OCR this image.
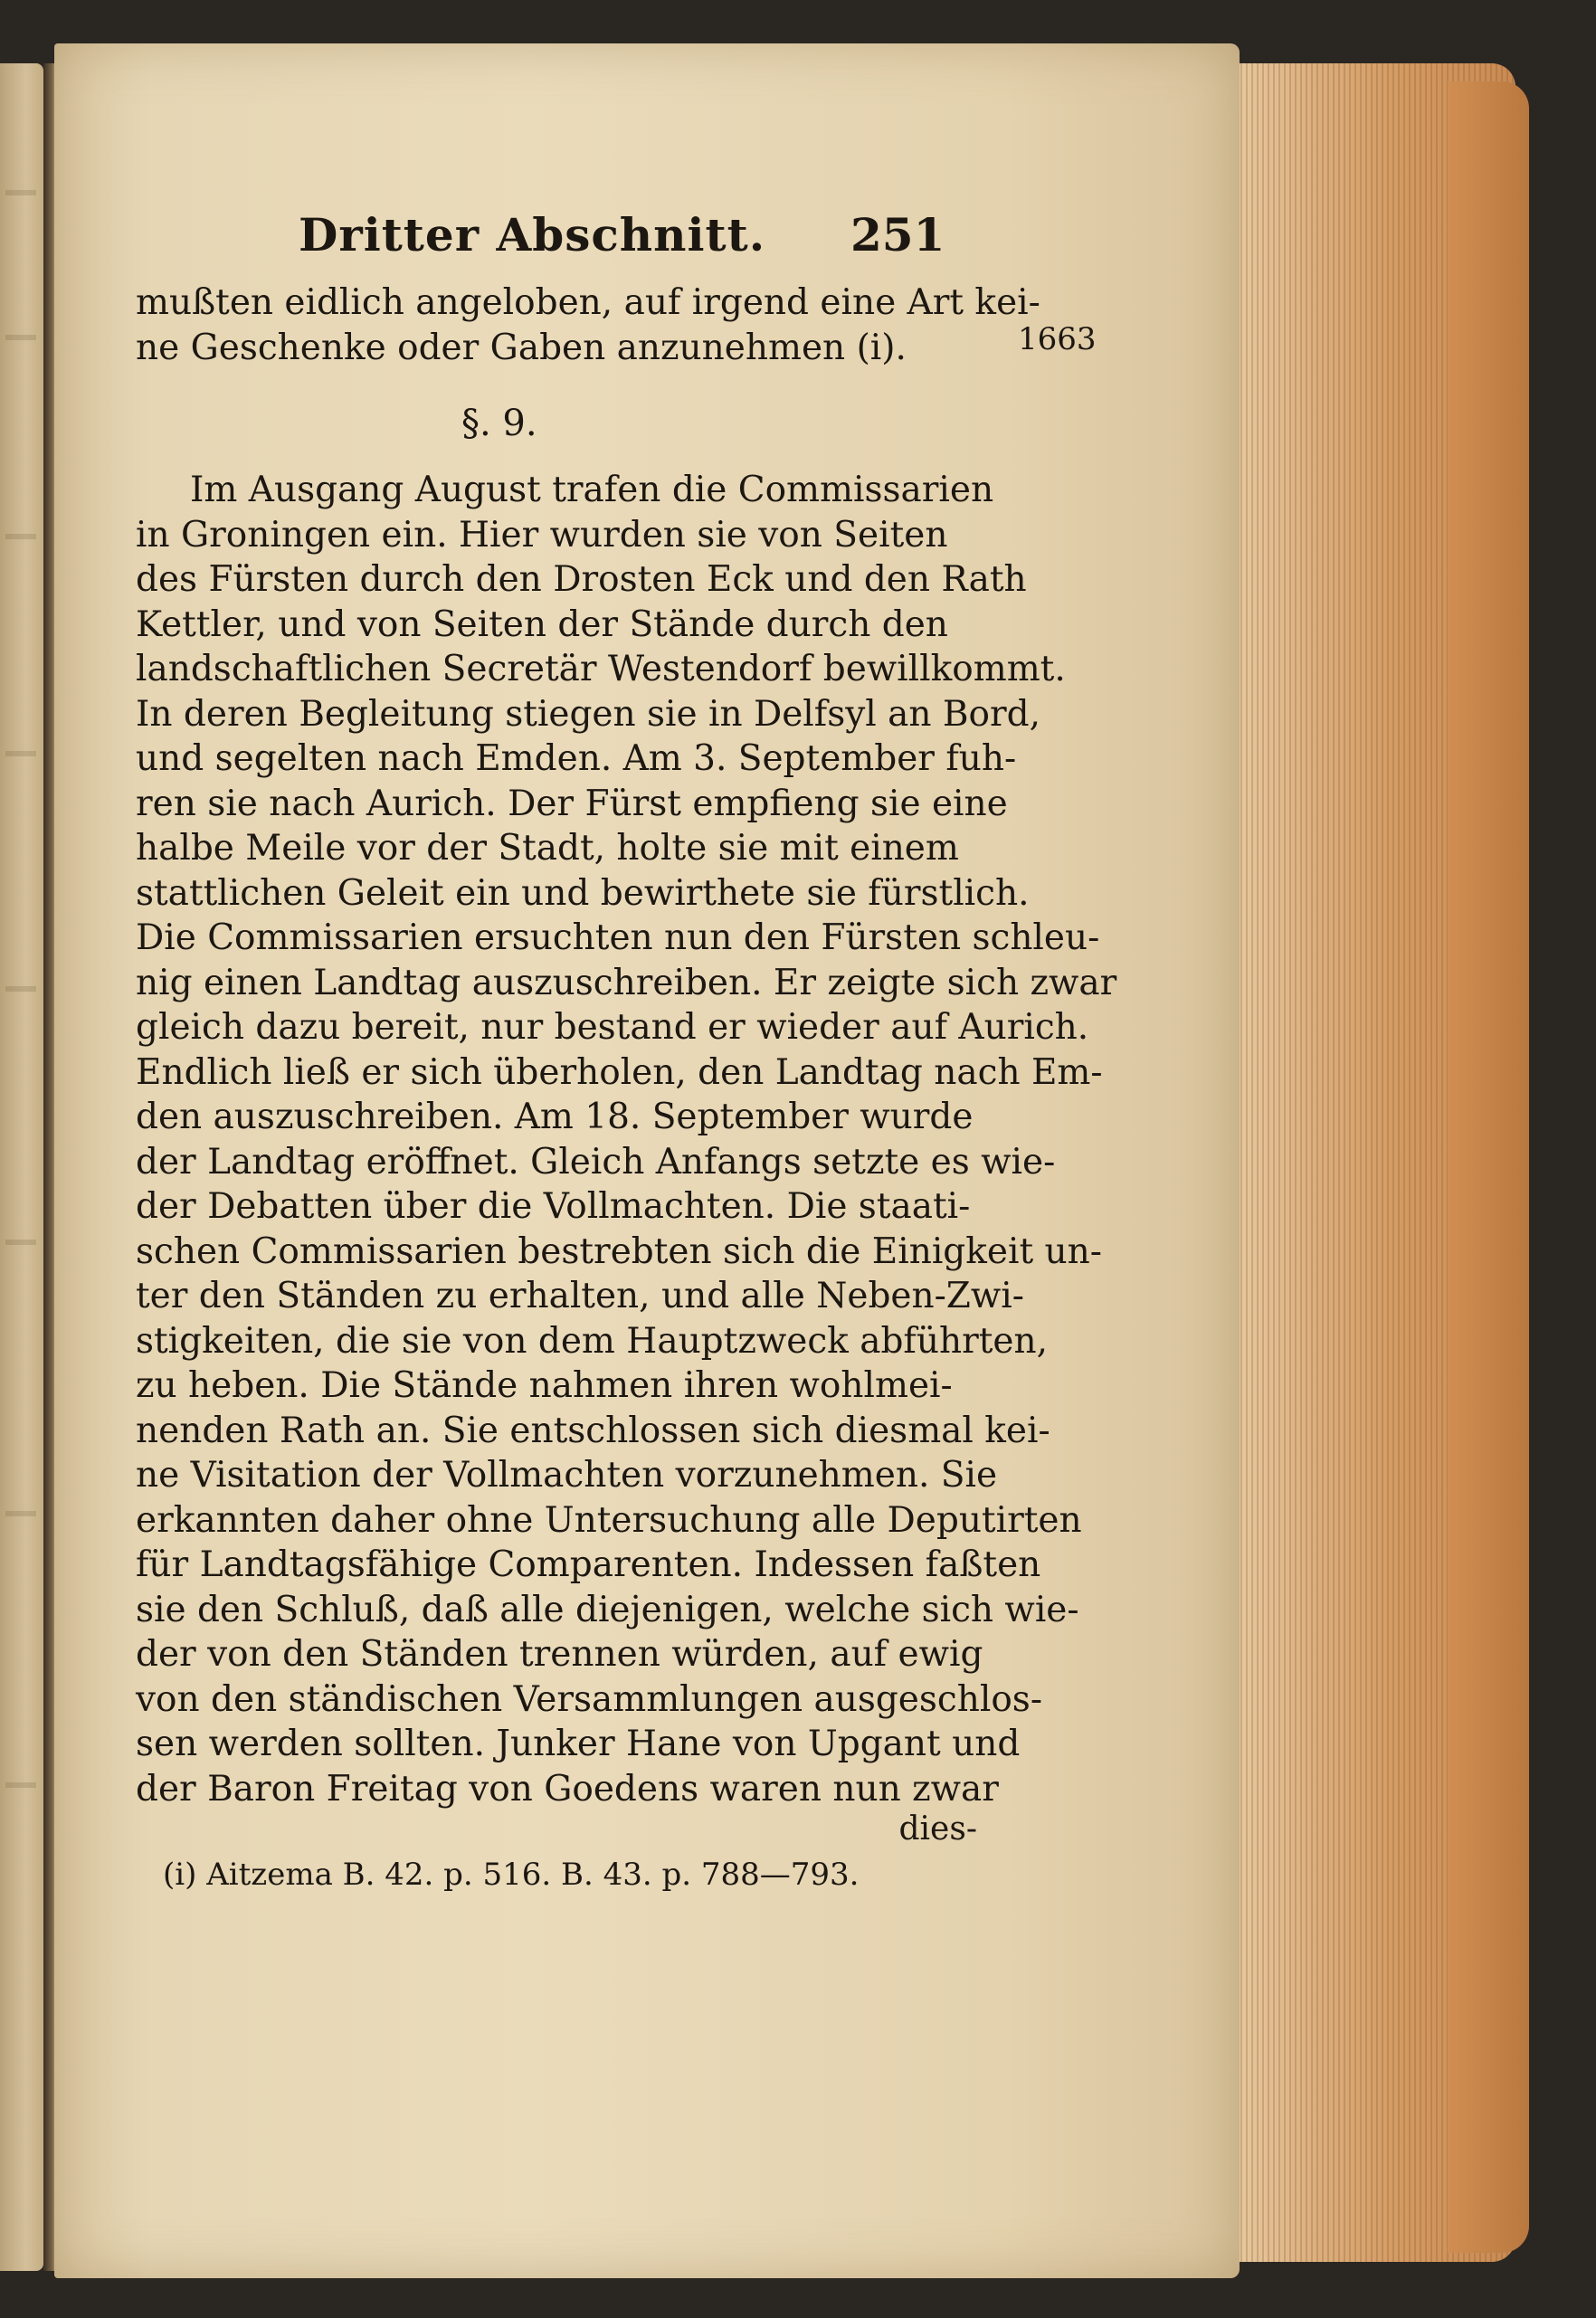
Dritter Abschnitt. 251
1663
mußten eidlich angeloben, auf irgend eine Art kei-
ne Geschenke oder Gaben anzunehmen (i).
§. 9.
Im Ausgang August trafen die Commissarien
in Groningen ein. Hier wurden sie von Seiten
des Fürsten durch den Drosten Eck und den Rath
Kettler, und von Seiten der Stände durch den
landschaftlichen Secretär Westendorf bewillkommt.
In deren Begleitung stiegen sie in Delfsyl an Bord,
und segelten nach Emden. Am 3. September fuh-
ren sie nach Aurich. Der Fürst empfieng sie eine
halbe Meile vor der Stadt, holte sie mit einem
stattlichen Geleit ein und bewirthete sie fürstlich.
Die Commissarien ersuchten nun den Fürsten schleu-
nig einen Landtag auszuschreiben. Er zeigte sich zwar
gleich dazu bereit, nur bestand er wieder auf Aurich.
Endlich ließ er sich überholen, den Landtag nach Em-
den auszuschreiben. Am 18. September wurde
der Landtag eröffnet. Gleich Anfangs setzte es wie-
der Debatten über die Vollmachten. Die staati-
schen Commissarien bestrebten sich die Einigkeit un-
ter den Ständen zu erhalten, und alle Neben-Zwi-
stigkeiten, die sie von dem Hauptzweck abführten,
zu heben. Die Stände nahmen ihren wohlmei-
nenden Rath an. Sie entschlossen sich diesmal kei-
ne Visitation der Vollmachten vorzunehmen. Sie
erkannten daher ohne Untersuchung alle Deputirten
für Landtagsfähige Comparenten. Indessen faßten
sie den Schluß, daß alle diejenigen, welche sich wie-
der von den Ständen trennen würden, auf ewig
von den ständischen Versammlungen ausgeschlos-
sen werden sollten. Junker Hane von Upgant und
der Baron Freitag von Goedens waren nun zwar
dies-
(i) Aitzema B. 42. p. 516. B. 43. p. 788—793.
